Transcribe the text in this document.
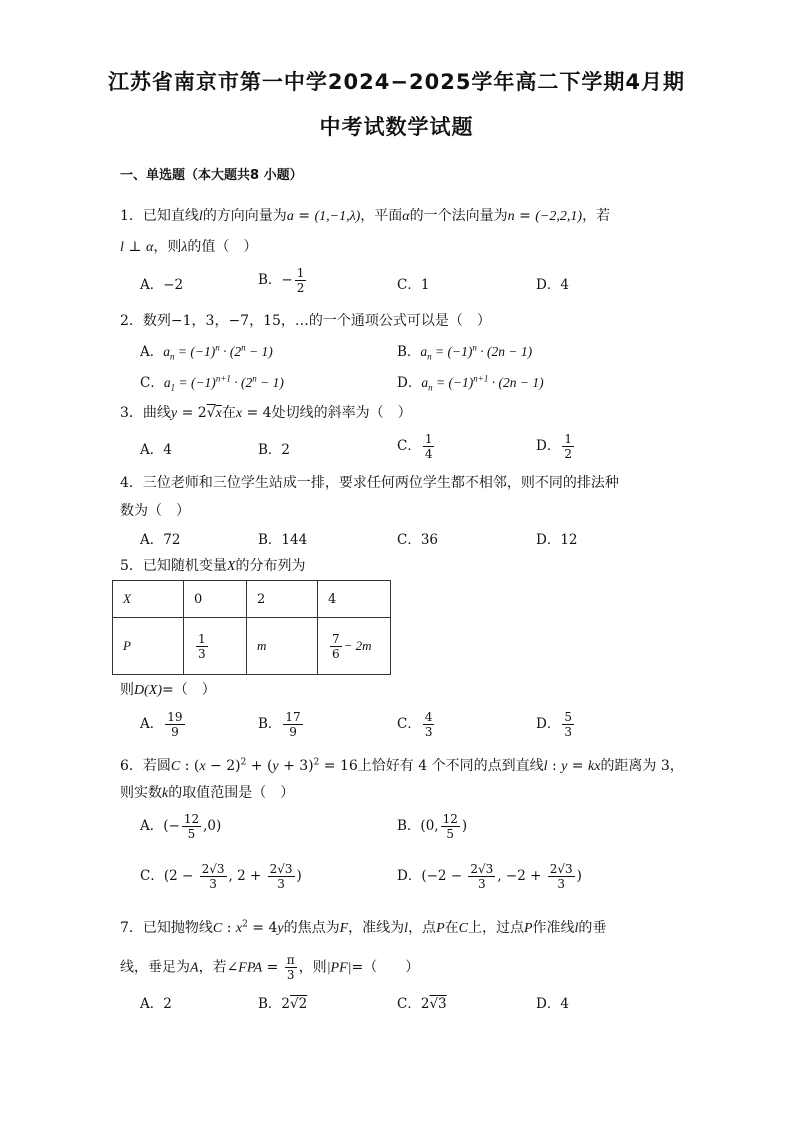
江苏省南京市第一中学2024−2025学年高二下学期4月期
中考试数学试题
一、单选题（本大题共8 小题）
1．已知直线l的方向向量为a = (1,−1,λ)，平面α的一个法向量为n = (−2,2,1)，若
l ⊥ α，则λ的值（　）
A．−2	B．− $\frac{1}{2}$	C．1	D．4
2．数列−1，3，−7，15，…的一个通项公式可以是（　）
A．$a_n = (-1)^n \cdot (2^n - 1)$	B．$a_n = (-1)^n \cdot (2n - 1)$
C．$a_1 = (-1)^{n+1} \cdot (2^n - 1)$	D．$a_n = (-1)^{n+1} \cdot (2n - 1)$
3．曲线y = 2√x在x = 4处切线的斜率为（　）
A．4	B．2	C． $\frac{1}{4}$	D． $\frac{1}{2}$
4．三位老师和三位学生站成一排，要求任何两位学生都不相邻，则不同的排法种
数为（　）
A．72	B．144	C．36	D．12
5．已知随机变量X的分布列为
X	0	2	4
P	$\frac{1}{3}$	m	$\frac{7}{6} - 2m$
则D(X)=（　）
A． $\frac{19}{9}$	B． $\frac{17}{9}$	C． $\frac{4}{3}$	D． $\frac{5}{3}$
6．若圆C : $(x - 2)^2 + (y + 3)^2 = 16$上恰好有 4 个不同的点到直线l : y = kx的距离为 3，
则实数k的取值范围是（　）
A．(− $\frac{12}{5} ,0$)	B．(0, $\frac{12}{5}$ )
C．($2 - \frac{2√3}{3}$ , $2 + \frac{2√3}{3}$ )	D．($-2 - \frac{2√3}{3}$ , $-2 + \frac{2√3}{3}$ )
7．已知抛物线C : $x^2 = 4y$的焦点为F，准线为l，点P在C上，过点P作准线l的垂
线，垂足为A，若∠FPA = $\frac{\pi}{3}$ ，则|PF|=（　　）
A．2	B．2√2	C．2√3	D．4
